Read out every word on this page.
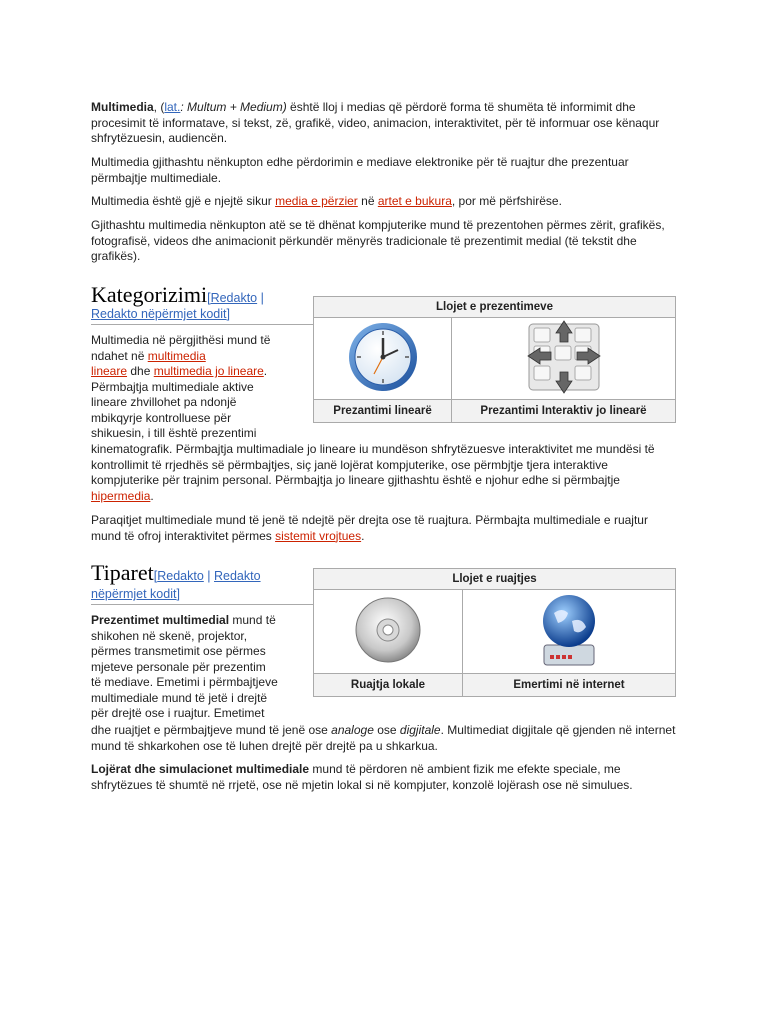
Multimedia, (lat.: Multum + Medium) është lloj i medias që përdorë forma të shumëta të informimit dhe procesimit të informatave, si tekst, zë, grafikë, video, animacion, interaktivitet, për të informuar ose kënaqur shfrytëzuesin, audiencën.

Multimedia gjithashtu nënkupton edhe përdorimin e mediave elektronike për të ruajtur dhe prezentuar përmbajtje multimediale.

Multimedia është gjë e njejtë sikur media e përzier në artet e bukura, por më përfshirëse.

Gjithashtu multimedia nënkupton atë se të dhënat kompjuterike mund të prezentohen përmes zërit, grafikës, fotografisë, videos dhe animacionit përkundër mënyrës tradicionale të prezentimit medial (të tekstit dhe grafikës).

Kategorizimi[Redakto |
Redakto nëpërmjet kodit]	Llojet e prezentimeve	

Prezantimi linearë	Prezantimi Interaktiv jo linearë
Multimedia në përgjithësi mund të
ndahet në multimedia
lineare dhe multimedia jo lineare.
Përmbajtja multimediale aktive
lineare zhvillohet pa ndonjë
mbikqyrje kontrolluese për
shikuesin, i till është prezentimi

kinematografik. Përmbajtja multimadiale jo lineare iu mundëson shfrytëzuesve interaktivitet me mundësi të kontrollimit të rrjedhës së përmbajtjes, siç janë lojërat kompjuterike, ose përmbjtje tjera interaktive kompjuterike për trajnim personal. Përmbajtja jo lineare gjithashtu është e njohur edhe si përmbajtje hipermedia.

Paraqitjet multimediale mund të jenë të ndejtë për drejta ose të ruajtura. Përmbajta multimediale e ruajtur mund të ofroj interaktivitet përmes sistemit vrojtues.

Tiparet[Redakto | Redakto
nëpërmjet kodit]
Llojet e ruajtjes	

Ruajtja lokale	Emertimi në internet
Prezentimet multimedial mund të
shikohen në skenë, projektor,
përmes transmetimit ose përmes
mjeteve personale për prezentim
të mediave. Emetimi i përmbajtjeve
multimediale mund të jetë i drejtë
për drejtë ose i ruajtur. Emetimet

dhe ruajtjet e përmbajtjeve mund të jenë ose analoge ose digjitale. Multimediat digjitale që gjenden në internet mund të shkarkohen ose të luhen drejtë për drejtë pa u shkarkua.

Lojërat dhe simulacionet multimediale mund të përdoren në ambient fizik me efekte speciale, me shfrytëzues të shumtë në rrjetë, ose në mjetin lokal si në kompjuter, konzolë lojërash ose në simulues.
